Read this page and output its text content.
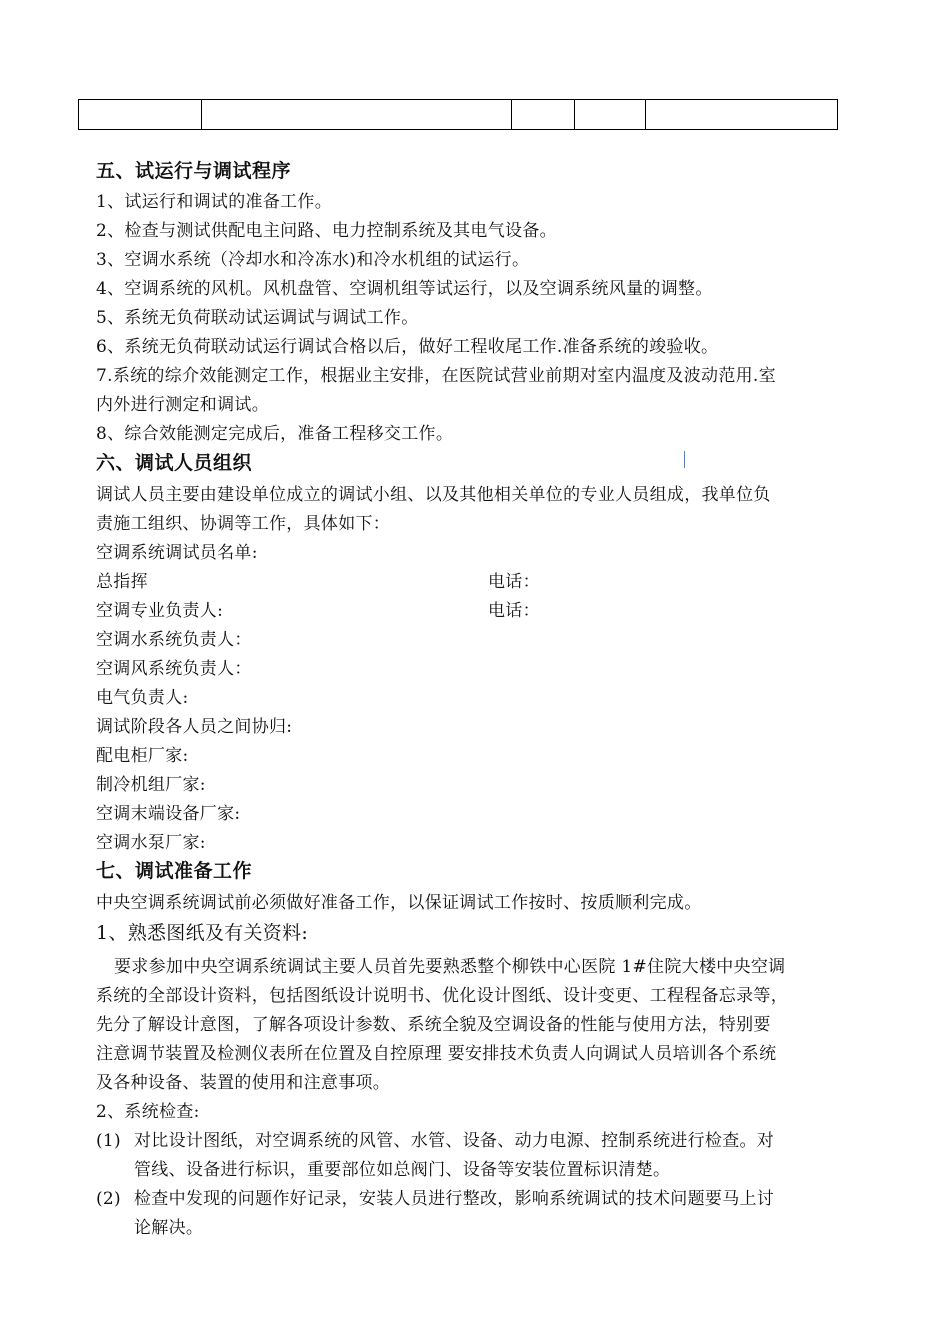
五、试运行与调试程序
1、试运行和调试的准备工作。
2、检查与测试供配电主问路、电力控制系统及其电气设备。
3、空调水系统（冷却水和冷冻水)和冷水机组的试运行。
4、空调系统的风机。风机盘管、空调机组等试运行，以及空调系统风量的调整。
5、系统无负荷联动试运调试与调试工作。
6、系统无负荷联动试运行调试合格以后，做好工程收尾工作.准备系统的竣验收。
7.系统的综介效能测定工作，根据业主安排，在医院试营业前期对室内温度及波动范用.室
内外进行测定和调试。
8、综合效能测定完成后，准备工程移交工作。
六、调试人员组织
调试人员主要由建设单位成立的调试小组、以及其他相关单位的专业人员组成，我单位负
责施工组织、协调等工作，具体如下：
空调系统调试员名单:
总指挥	电话：
空调专业负责人:	电话：
空调水系统负责人：
空调风系统负责人：
电气负责人:
调试阶段各人员之间协归:
配电柜厂家:
制冷机组厂家:
空调末端设备厂家:
空调水泵厂家:
七、调试准备工作
中央空调系统调试前必须做好准备工作，以保证调试工作按时、按质顺利完成。
1、熟悉图纸及有关资料:
要求参加中央空调系统调试主要人员首先要熟悉整个柳铁中心医院 1#住院大楼中央空调
系统的全部设计资料，包括图纸设计说明书、优化设计图纸、设计变更、工程程备忘录等，
先分了解设计意图，了解各项设计参数、系统全貌及空调设备的性能与使用方法，特别要
注意调节装置及检测仪表所在位置及自控原理 要安排技术负责人向调试人员培训各个系统
及各种设备、装置的使用和注意事项。
2、系统检查:
(1) 对比设计图纸，对空调系统的风管、水管、设备、动力电源、控制系统进行检查。对
管线、设备进行标识，重要部位如总阀门、设备等安装位置标识清楚。
(2) 检查中发现的问题作好记录，安装人员进行整改，影响系统调试的技术问题要马上讨
论解决。
